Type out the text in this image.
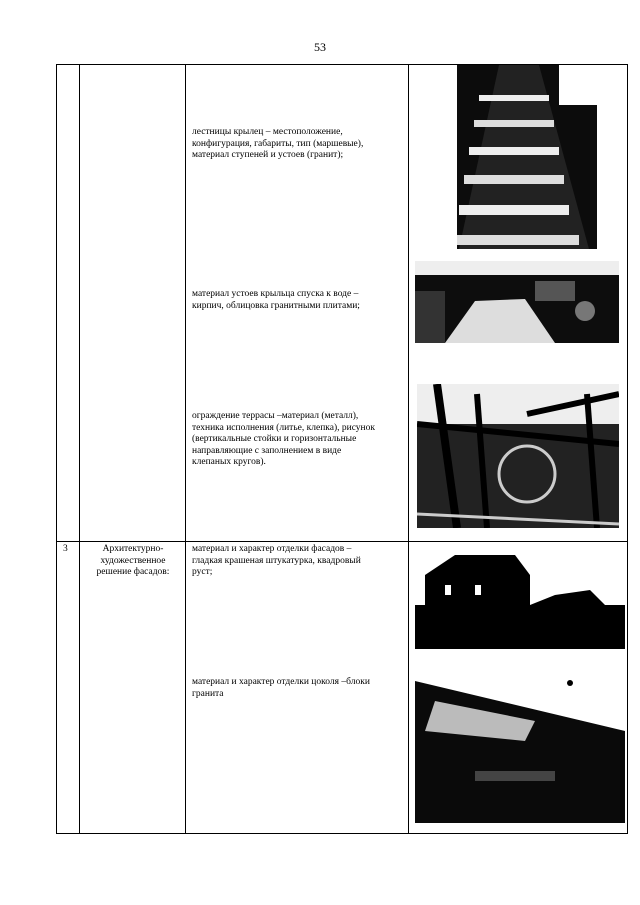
53
лестницы крылец – местоположение,
конфигурация, габариты, тип (маршевые),
материал ступеней и устоев (гранит);
материал устоев крыльца спуска к воде –
кирпич, облицовка гранитными плитами;
ограждение террасы –материал (металл),
техника исполнения (литье, клепка), рисунок
(вертикальные стойки и горизонтальные
направляющие с заполнением в виде
клепаных кругов).
3	Архитектурно-
художественное
решение фасадов:
материал и характер отделки фасадов –
гладкая крашеная штукатурка, квадровый
руст;
материал и характер отделки цоколя –блоки
гранита
